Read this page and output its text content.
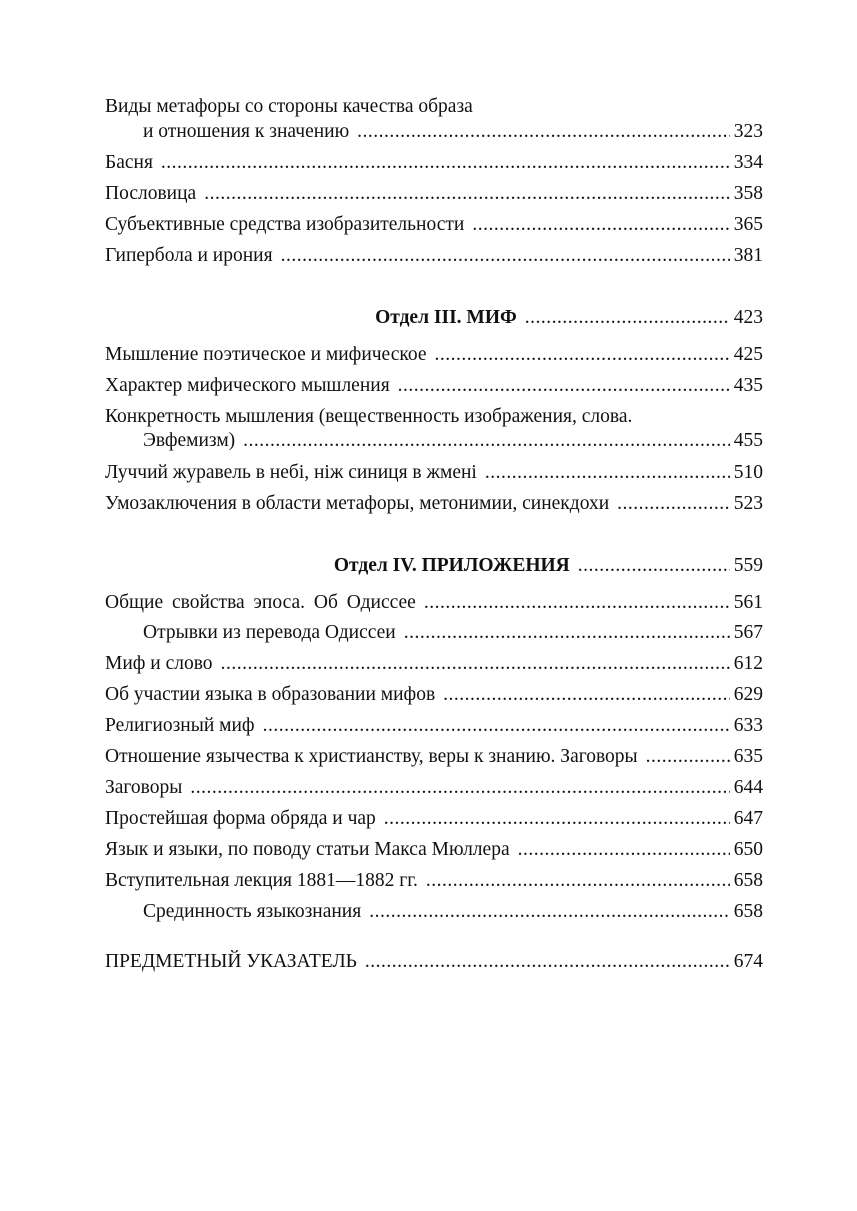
Виды метафоры со стороны качества образа
и отношения к значению .....	323
Басня .....	334
Пословица .....	358
Субъективные средства изобразительности .....	365
Гипербола и ирония .....	381
Отдел III. МИФ .....	423
Мышление поэтическое и мифическое .....	425
Характер мифического мышления .....	435
Конкретность мышления (вещественность изображения, слова.
Эвфемизм) .....	455
Луччий журавель в небі, ніж синиця в жмені .....	510
Умозаключения в области метафоры, метонимии, синекдохи .....	523
Отдел IV. ПРИЛОЖЕНИЯ .....	559
Общие свойства эпоса. Об Одиссее .....	561
Отрывки из перевода Одиссеи .....	567
Миф и слово .....	612
Об участии языка в образовании мифов .....	629
Религиозный миф .....	633
Отношение язычества к христианству, веры к знанию. Заговоры .....	635
Заговоры .....	644
Простейшая форма обряда и чар .....	647
Язык и языки, по поводу статьи Макса Мюллера .....	650
Вступительная лекция 1881—1882 гг. .....	658
Срединность языкознания .....	658
ПРЕДМЕТНЫЙ УКАЗАТЕЛЬ .....	674
